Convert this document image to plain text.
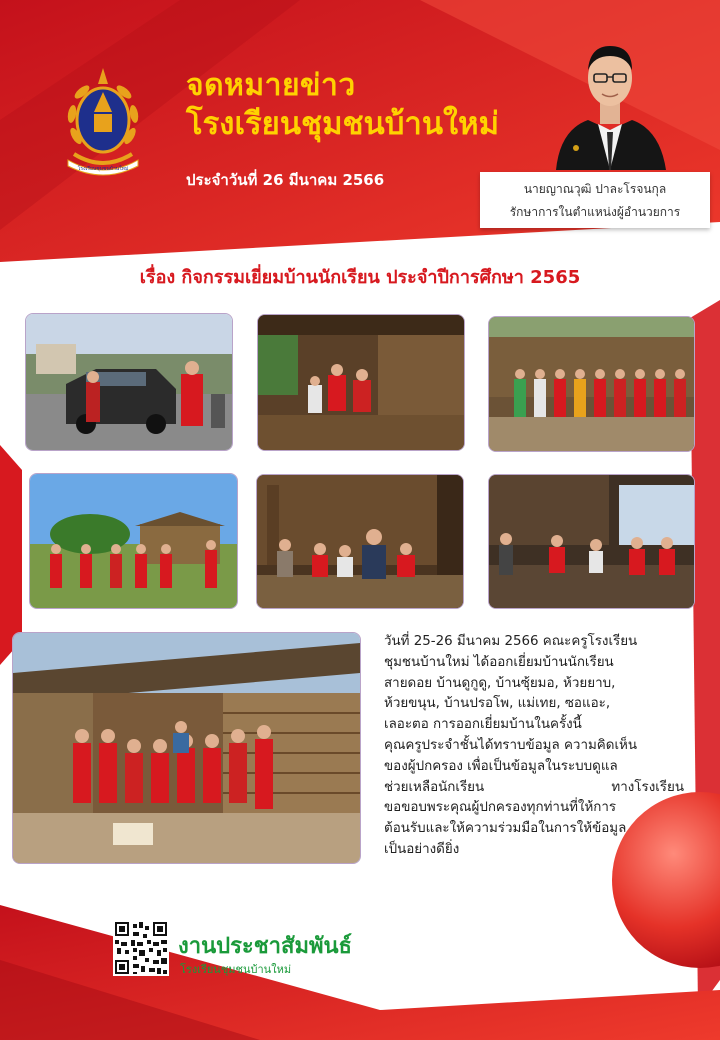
โรงเรียนชุมชนบ้านใหม่
จดหมายข่าว
โรงเรียนชุมชนบ้านใหม่
ประจำวันที่ 26 มีนาคม 2566	นายญาณวุฒิ ปาละโรจนกุล
รักษาการในตำแหน่งผู้อำนวยการ
เรื่อง กิจกรรมเยี่ยมบ้านนักเรียน ประจำปีการศึกษา 2565
วันที่ 25-26 มีนาคม 2566 คณะครูโรงเรียน
ชุมชนบ้านใหม่ ได้ออกเยี่ยมบ้านนักเรียน
สายดอย บ้านดูกูดู, บ้านซุ้ยมอ, ห้วยยาบ,
ห้วยขนุน, บ้านปรอโพ, แม่เทย, ซอแอะ,
เลอะตอ การออกเยี่ยมบ้านในครั้งนี้
คุณครูประจำชั้นได้ทราบข้อมูล ความคิดเห็น
ของผู้ปกครอง เพื่อเป็นข้อมูลในระบบดูแล
ช่วยเหลือนักเรียน ทางโรงเรียน
ขอขอบพระคุณผู้ปกครองทุกท่านที่ให้การ
ต้อนรับและให้ความร่วมมือในการให้ข้อมูล
เป็นอย่างดียิ่ง
งานประชาสัมพันธ์
โรงเรียนชุมชนบ้านใหม่
